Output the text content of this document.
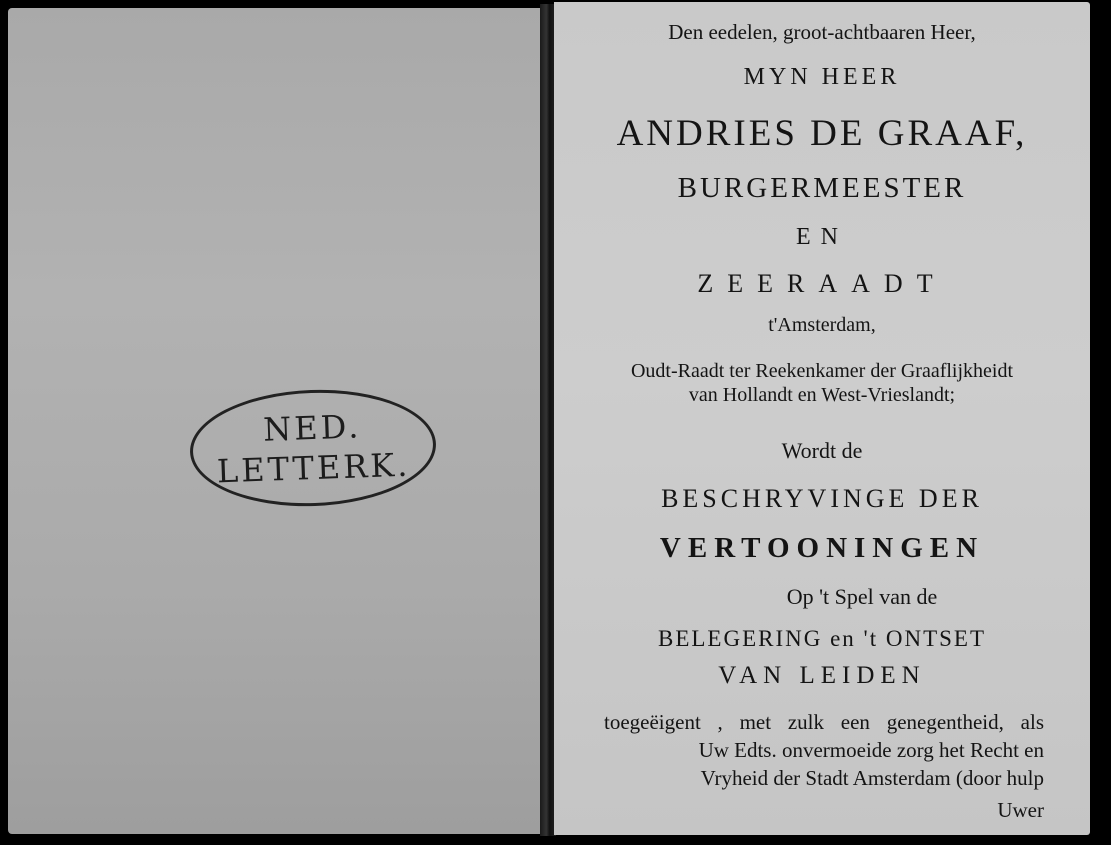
NED.
LETTERK.
Den eedelen, groot-achtbaaren Heer,
MYN HEER
ANDRIES DE GRAAF,
BURGERMEESTER
EN
ZEERAADT
t'Amsterdam,
Oudt-Raadt ter Reekenkamer der Graaflijkheidt
van Hollandt en West-Vrieslandt;
Wordt de
BESCHRYVINGE DER
VERTOONINGEN
Op 't Spel van de
BELEGERING en 't ONTSET
VAN LEIDEN
toegeëigent , met zulk een genegentheid, als
Uw Edts. onvermoeide zorg het Recht en
Vryheid der Stadt Amsterdam (door hulp
Uwer
